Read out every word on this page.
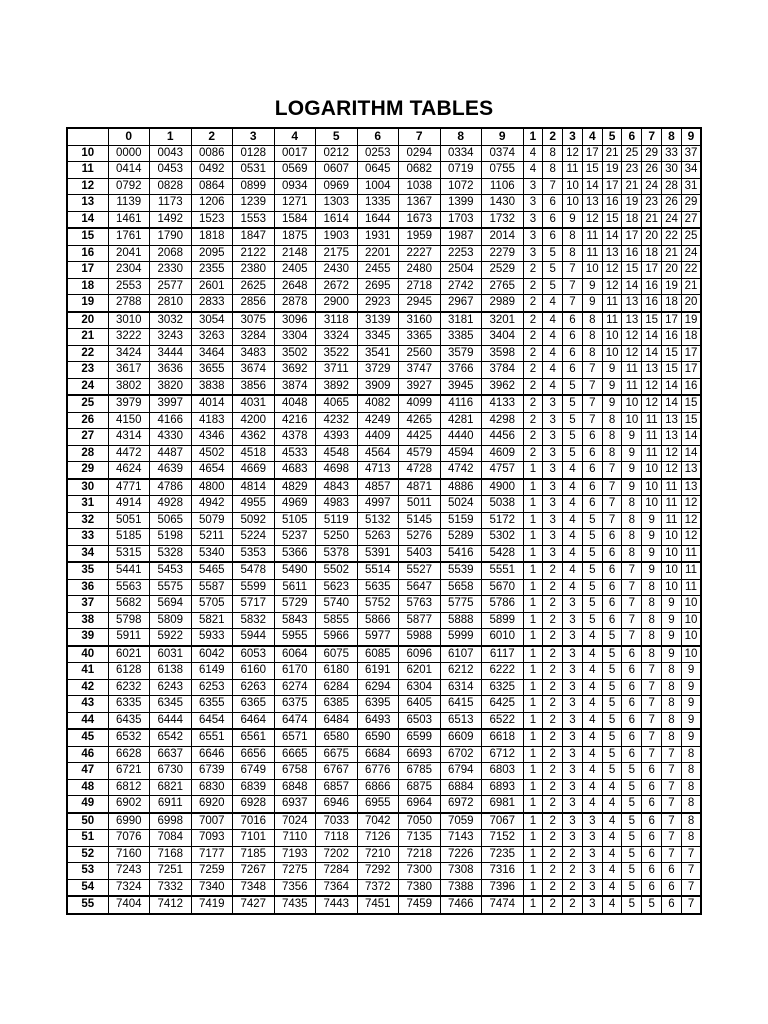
LOGARITHM TABLES
	0	1	2	3	4	5	6	7	8	9	1	2	3	4	5	6	7	8	9
10	0000	0043	0086	0128	0017	0212	0253	0294	0334	0374	4	8	12	17	21	25	29	33	37
11	0414	0453	0492	0531	0569	0607	0645	0682	0719	0755	4	8	11	15	19	23	26	30	34
12	0792	0828	0864	0899	0934	0969	1004	1038	1072	1106	3	7	10	14	17	21	24	28	31
13	1139	1173	1206	1239	1271	1303	1335	1367	1399	1430	3	6	10	13	16	19	23	26	29
14	1461	1492	1523	1553	1584	1614	1644	1673	1703	1732	3	6	9	12	15	18	21	24	27
15	1761	1790	1818	1847	1875	1903	1931	1959	1987	2014	3	6	8	11	14	17	20	22	25
16	2041	2068	2095	2122	2148	2175	2201	2227	2253	2279	3	5	8	11	13	16	18	21	24
17	2304	2330	2355	2380	2405	2430	2455	2480	2504	2529	2	5	7	10	12	15	17	20	22
18	2553	2577	2601	2625	2648	2672	2695	2718	2742	2765	2	5	7	9	12	14	16	19	21
19	2788	2810	2833	2856	2878	2900	2923	2945	2967	2989	2	4	7	9	11	13	16	18	20
20	3010	3032	3054	3075	3096	3118	3139	3160	3181	3201	2	4	6	8	11	13	15	17	19
21	3222	3243	3263	3284	3304	3324	3345	3365	3385	3404	2	4	6	8	10	12	14	16	18
22	3424	3444	3464	3483	3502	3522	3541	2560	3579	3598	2	4	6	8	10	12	14	15	17
23	3617	3636	3655	3674	3692	3711	3729	3747	3766	3784	2	4	6	7	9	11	13	15	17
24	3802	3820	3838	3856	3874	3892	3909	3927	3945	3962	2	4	5	7	9	11	12	14	16
25	3979	3997	4014	4031	4048	4065	4082	4099	4116	4133	2	3	5	7	9	10	12	14	15
26	4150	4166	4183	4200	4216	4232	4249	4265	4281	4298	2	3	5	7	8	10	11	13	15
27	4314	4330	4346	4362	4378	4393	4409	4425	4440	4456	2	3	5	6	8	9	11	13	14
28	4472	4487	4502	4518	4533	4548	4564	4579	4594	4609	2	3	5	6	8	9	11	12	14
29	4624	4639	4654	4669	4683	4698	4713	4728	4742	4757	1	3	4	6	7	9	10	12	13
30	4771	4786	4800	4814	4829	4843	4857	4871	4886	4900	1	3	4	6	7	9	10	11	13
31	4914	4928	4942	4955	4969	4983	4997	5011	5024	5038	1	3	4	6	7	8	10	11	12
32	5051	5065	5079	5092	5105	5119	5132	5145	5159	5172	1	3	4	5	7	8	9	11	12
33	5185	5198	5211	5224	5237	5250	5263	5276	5289	5302	1	3	4	5	6	8	9	10	12
34	5315	5328	5340	5353	5366	5378	5391	5403	5416	5428	1	3	4	5	6	8	9	10	11
35	5441	5453	5465	5478	5490	5502	5514	5527	5539	5551	1	2	4	5	6	7	9	10	11
36	5563	5575	5587	5599	5611	5623	5635	5647	5658	5670	1	2	4	5	6	7	8	10	11
37	5682	5694	5705	5717	5729	5740	5752	5763	5775	5786	1	2	3	5	6	7	8	9	10
38	5798	5809	5821	5832	5843	5855	5866	5877	5888	5899	1	2	3	5	6	7	8	9	10
39	5911	5922	5933	5944	5955	5966	5977	5988	5999	6010	1	2	3	4	5	7	8	9	10
40	6021	6031	6042	6053	6064	6075	6085	6096	6107	6117	1	2	3	4	5	6	8	9	10
41	6128	6138	6149	6160	6170	6180	6191	6201	6212	6222	1	2	3	4	5	6	7	8	9
42	6232	6243	6253	6263	6274	6284	6294	6304	6314	6325	1	2	3	4	5	6	7	8	9
43	6335	6345	6355	6365	6375	6385	6395	6405	6415	6425	1	2	3	4	5	6	7	8	9
44	6435	6444	6454	6464	6474	6484	6493	6503	6513	6522	1	2	3	4	5	6	7	8	9
45	6532	6542	6551	6561	6571	6580	6590	6599	6609	6618	1	2	3	4	5	6	7	8	9
46	6628	6637	6646	6656	6665	6675	6684	6693	6702	6712	1	2	3	4	5	6	7	7	8
47	6721	6730	6739	6749	6758	6767	6776	6785	6794	6803	1	2	3	4	5	5	6	7	8
48	6812	6821	6830	6839	6848	6857	6866	6875	6884	6893	1	2	3	4	4	5	6	7	8
49	6902	6911	6920	6928	6937	6946	6955	6964	6972	6981	1	2	3	4	4	5	6	7	8
50	6990	6998	7007	7016	7024	7033	7042	7050	7059	7067	1	2	3	3	4	5	6	7	8
51	7076	7084	7093	7101	7110	7118	7126	7135	7143	7152	1	2	3	3	4	5	6	7	8
52	7160	7168	7177	7185	7193	7202	7210	7218	7226	7235	1	2	2	3	4	5	6	7	7
53	7243	7251	7259	7267	7275	7284	7292	7300	7308	7316	1	2	2	3	4	5	6	6	7
54	7324	7332	7340	7348	7356	7364	7372	7380	7388	7396	1	2	2	3	4	5	6	6	7
55	7404	7412	7419	7427	7435	7443	7451	7459	7466	7474	1	2	2	3	4	5	5	6	7
